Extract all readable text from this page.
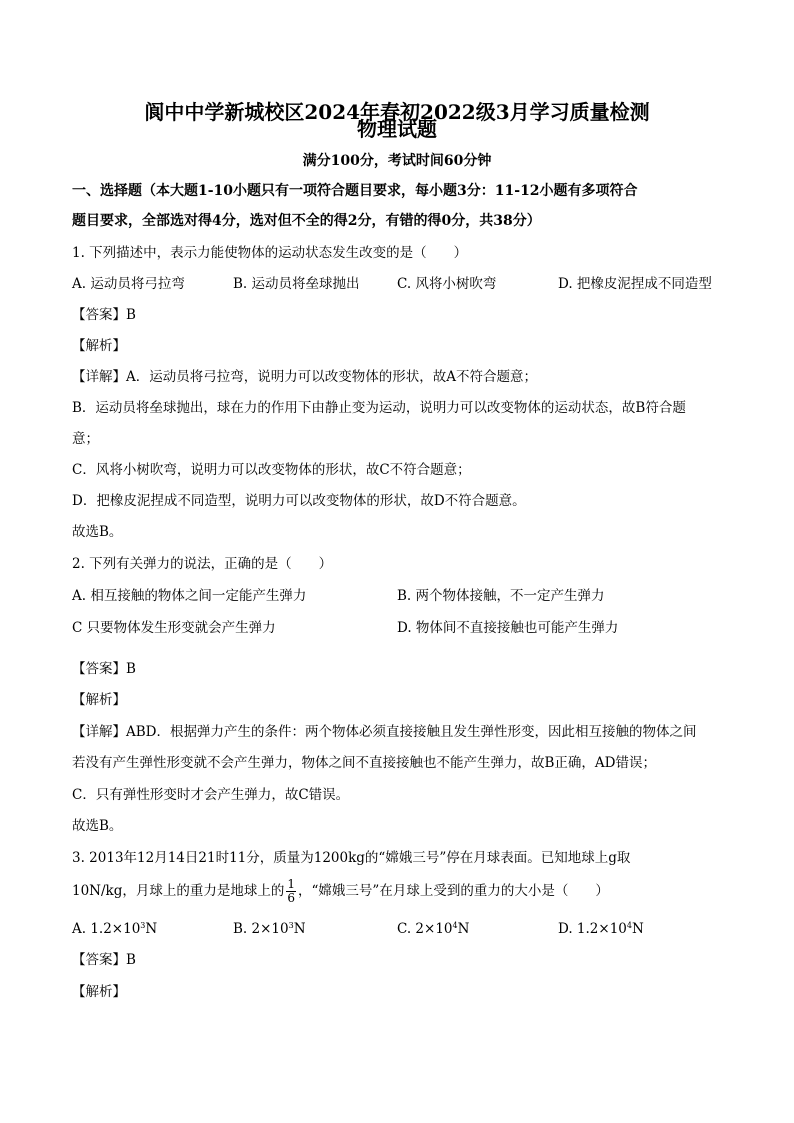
阆中中学新城校区2024年春初2022级3月学习质量检测
物理试题
满分100分，考试时间60分钟
一、选择题（本大题1-10小题只有一项符合题目要求，每小题3分：11-12小题有多项符合
题目要求，全部选对得4分，选对但不全的得2分，有错的得0分，共38分）
1. 下列描述中，表示力能使物体的运动状态发生改变的是（　　）
A. 运动员将弓拉弯	B. 运动员将垒球抛出	C. 风将小树吹弯	D. 把橡皮泥捏成不同造型
【答案】B
【解析】
【详解】A．运动员将弓拉弯，说明力可以改变物体的形状，故A不符合题意；
B．运动员将垒球抛出，球在力的作用下由静止变为运动，说明力可以改变物体的运动状态，故B符合题
意；
C．风将小树吹弯，说明力可以改变物体的形状，故C不符合题意；
D．把橡皮泥捏成不同造型，说明力可以改变物体的形状，故D不符合题意。
故选B。
2. 下列有关弹力的说法，正确的是（　　）
A. 相互接触的物体之间一定能产生弹力	B. 两个物体接触，不一定产生弹力
C 只要物体发生形变就会产生弹力	D. 物体间不直接接触也可能产生弹力
【答案】B
【解析】
【详解】ABD．根据弹力产生的条件：两个物体必须直接接触且发生弹性形变，因此相互接触的物体之间
若没有产生弹性形变就不会产生弹力，物体之间不直接接触也不能产生弹力，故B正确，AD错误；
C．只有弹性形变时才会产生弹力，故C错误。
故选B。
3. 2013年12月14日21时11分，质量为1200kg的“嫦娥三号”停在月球表面。已知地球上g取
10N/kg，月球上的重力是地球上的 $\frac{1}{6}$ ，“嫦娥三号”在月球上受到的重力的大小是（　　）
A. $1.2\times 10^3N$	B. $2\times 10^3N$	C. $2\times 10^4N$	D. $1.2\times 10^4N$
【答案】B
【解析】
